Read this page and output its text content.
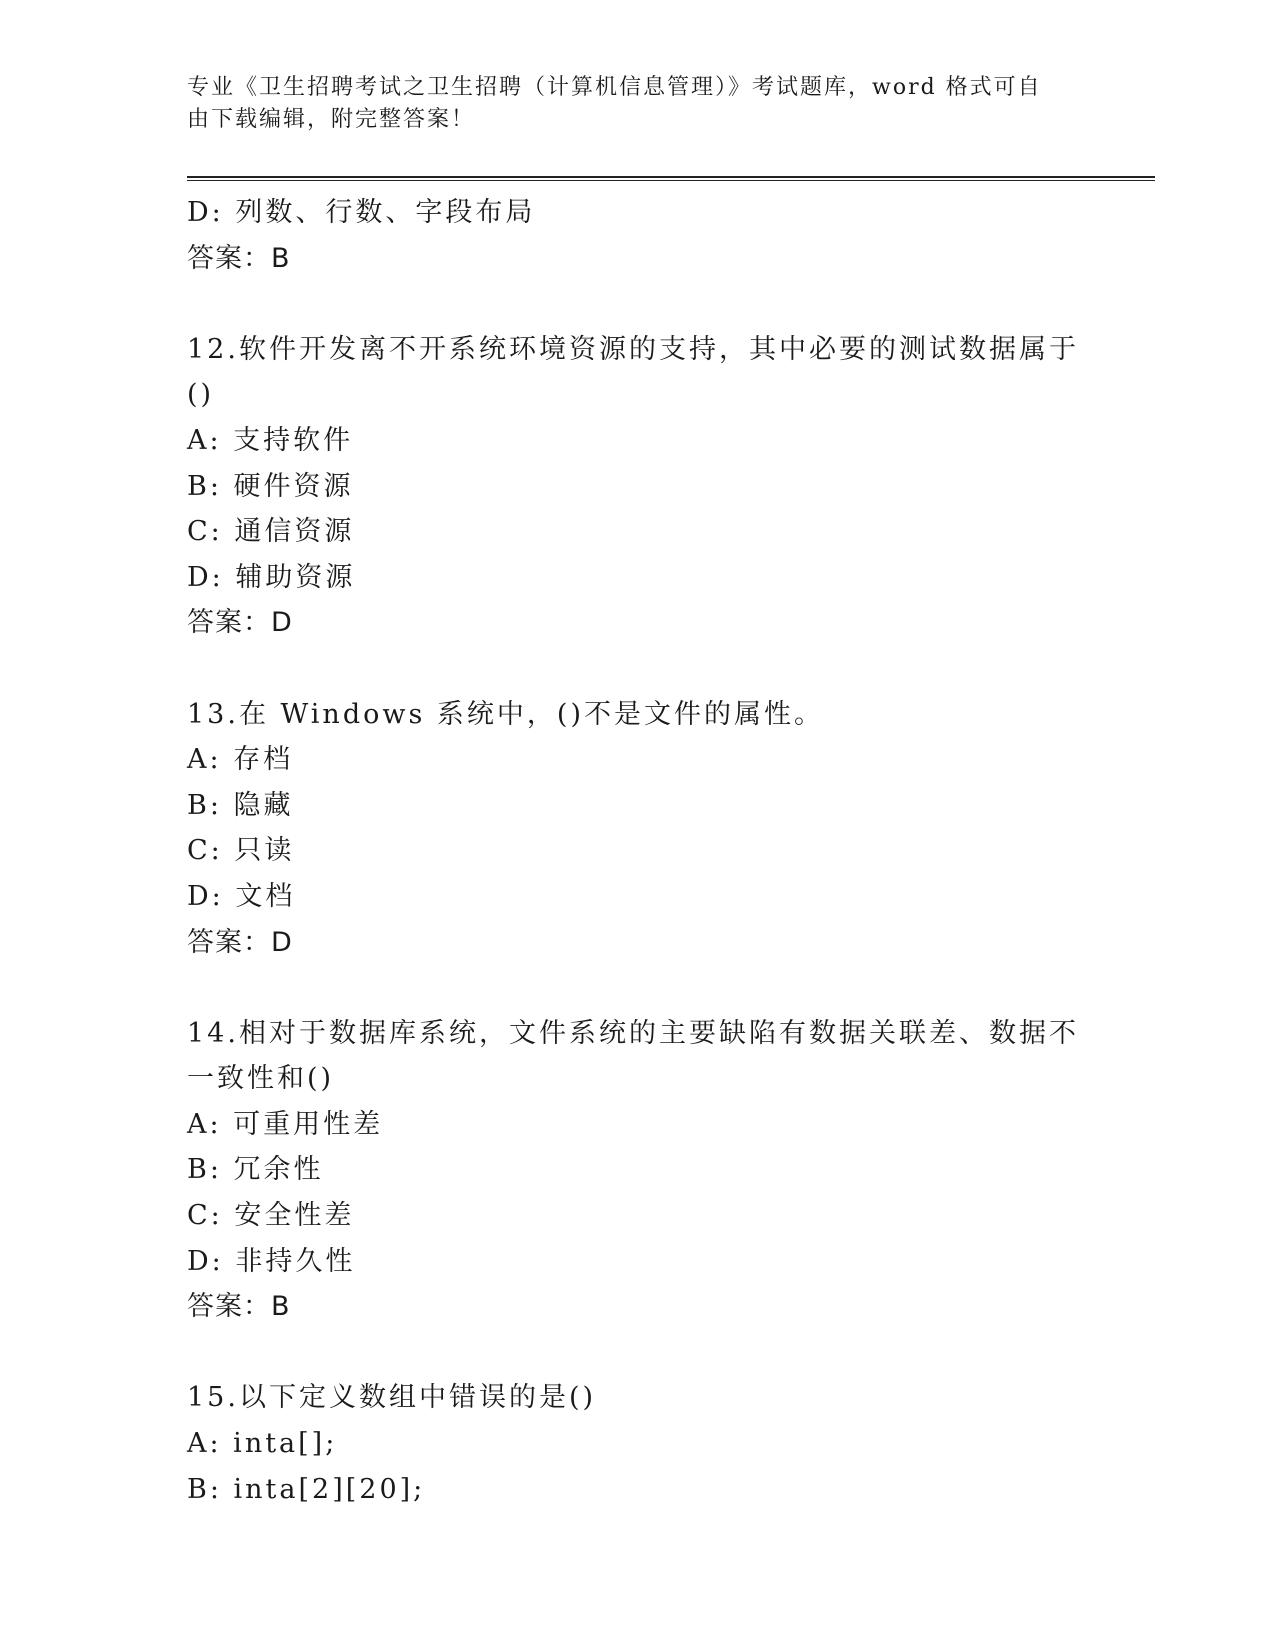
专业《卫生招聘考试之卫生招聘（计算机信息管理）》考试题库，word 格式可自
由下载编辑，附完整答案！
D: 列数、行数、字段布局
答案：B
12.软件开发离不开系统环境资源的支持，其中必要的测试数据属于()
A: 支持软件
B: 硬件资源
C: 通信资源
D: 辅助资源
答案：D
13.在 Windows 系统中，()不是文件的属性。
A: 存档
B: 隐藏
C: 只读
D: 文档
答案：D
14.相对于数据库系统，文件系统的主要缺陷有数据关联差、数据不一致性和()
A: 可重用性差
B: 冗余性
C: 安全性差
D: 非持久性
答案：B
15.以下定义数组中错误的是()
A: inta[];
B: inta[2][20];
